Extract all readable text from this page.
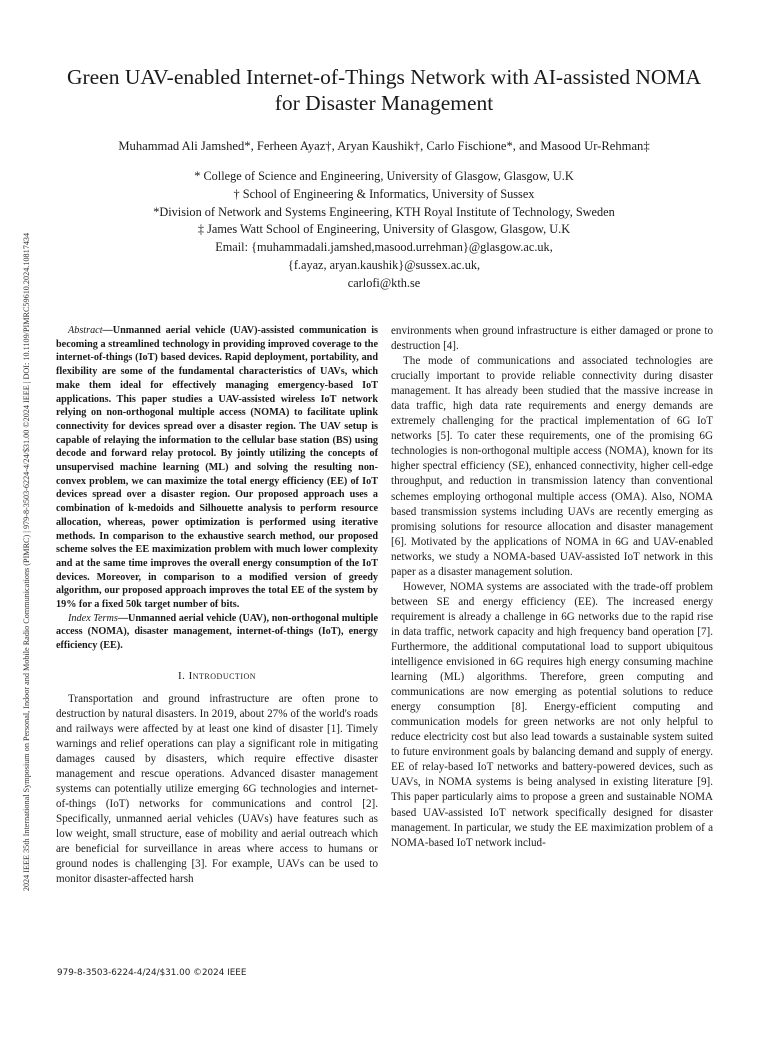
2024 IEEE 35th International Symposium on Personal, Indoor and Mobile Radio Communications (PIMRC) | 979-8-3503-6224-4/24/$31.00 ©2024 IEEE | DOI: 10.1109/PIMRC59610.2024.10817434
Green UAV-enabled Internet-of-Things Network with AI-assisted NOMA
for Disaster Management

Muhammad Ali Jamshed*, Ferheen Ayaz†, Aryan Kaushik†, Carlo Fischione*, and Masood Ur-Rehman‡

* College of Science and Engineering, University of Glasgow, Glasgow, U.K
† School of Engineering & Informatics, University of Sussex
*Division of Network and Systems Engineering, KTH Royal Institute of Technology, Sweden
‡ James Watt School of Engineering, University of Glasgow, Glasgow, U.K
Email: {muhammadali.jamshed,masood.urrehman}@glasgow.ac.uk,
{f.ayaz, aryan.kaushik}@sussex.ac.uk,
carlofi@kth.se

Abstract—Unmanned aerial vehicle (UAV)-assisted communication is becoming a streamlined technology in providing improved coverage to the internet-of-things (IoT) based devices. Rapid deployment, portability, and flexibility are some of the fundamental characteristics of UAVs, which make them ideal for effectively managing emergency-based IoT applications. This paper studies a UAV-assisted wireless IoT network relying on non-orthogonal multiple access (NOMA) to facilitate uplink connectivity for devices spread over a disaster region. The UAV setup is capable of relaying the information to the cellular base station (BS) using decode and forward relay protocol. By jointly utilizing the concepts of unsupervised machine learning (ML) and solving the resulting non-convex problem, we can maximize the total energy efficiency (EE) of IoT devices spread over a disaster region. Our proposed approach uses a combination of k-medoids and Silhouette analysis to perform resource allocation, whereas, power optimization is performed using iterative methods. In comparison to the exhaustive search method, our proposed scheme solves the EE maximization problem with much lower complexity and at the same time improves the overall energy consumption of the IoT devices. Moreover, in comparison to a modified version of greedy algorithm, our proposed approach improves the total EE of the system by 19% for a fixed 50k target number of bits.

Index Terms—Unmanned aerial vehicle (UAV), non-orthogonal multiple access (NOMA), disaster management, internet-of-things (IoT), energy efficiency (EE).

I. Introduction

Transportation and ground infrastructure are often prone to destruction by natural disasters. In 2019, about 27% of the world's roads and railways were affected by at least one kind of disaster [1]. Timely warnings and relief operations can play a significant role in mitigating damages caused by disasters, which require effective disaster management and rescue operations. Advanced disaster management systems can potentially utilize emerging 6G technologies and internet-of-things (IoT) networks for communications and control [2]. Specifically, unmanned aerial vehicles (UAVs) have features such as low weight, small structure, ease of mobility and aerial outreach which are beneficial for surveillance in areas where access to humans or ground nodes is challenging [3]. For example, UAVs can be used to monitor disaster-affected harsh

environments when ground infrastructure is either damaged or prone to destruction [4].

The mode of communications and associated technologies are crucially important to provide reliable connectivity during disaster management. It has already been studied that the massive increase in data traffic, high data rate requirements and energy demands are extremely challenging for the practical implementation of 6G IoT networks [5]. To cater these requirements, one of the promising 6G technologies is non-orthogonal multiple access (NOMA), known for its higher spectral efficiency (SE), enhanced connectivity, higher cell-edge throughput, and reduction in transmission latency than conventional schemes employing orthogonal multiple access (OMA). Also, NOMA based transmission systems including UAVs are recently emerging as promising solutions for resource allocation and disaster management [6]. Motivated by the applications of NOMA in 6G and UAV-enabled networks, we study a NOMA-based UAV-assisted IoT network in this paper as a disaster management solution.

However, NOMA systems are associated with the trade-off problem between SE and energy efficiency (EE). The increased energy requirement is already a challenge in 6G networks due to the rapid rise in data traffic, network capacity and high frequency band operation [7]. Furthermore, the additional computational load to support ubiquitous intelligence envisioned in 6G requires high energy consuming machine learning (ML) algorithms. Therefore, green computing and communications are now emerging as potential solutions to reduce energy consumption [8]. Energy-efficient computing and communication models for green networks are not only helpful to reduce electricity cost but also lead towards a sustainable system suited to future environment goals by balancing demand and supply of energy. EE of relay-based IoT networks and battery-powered devices, such as UAVs, in NOMA systems is being analysed in existing literature [9]. This paper particularly aims to propose a green and sustainable NOMA based UAV-assisted IoT network specifically designed for disaster management. In particular, we study the EE maximization problem of a NOMA-based IoT network includ-

979-8-3503-6224-4/24/$31.00 ©2024 IEEE
